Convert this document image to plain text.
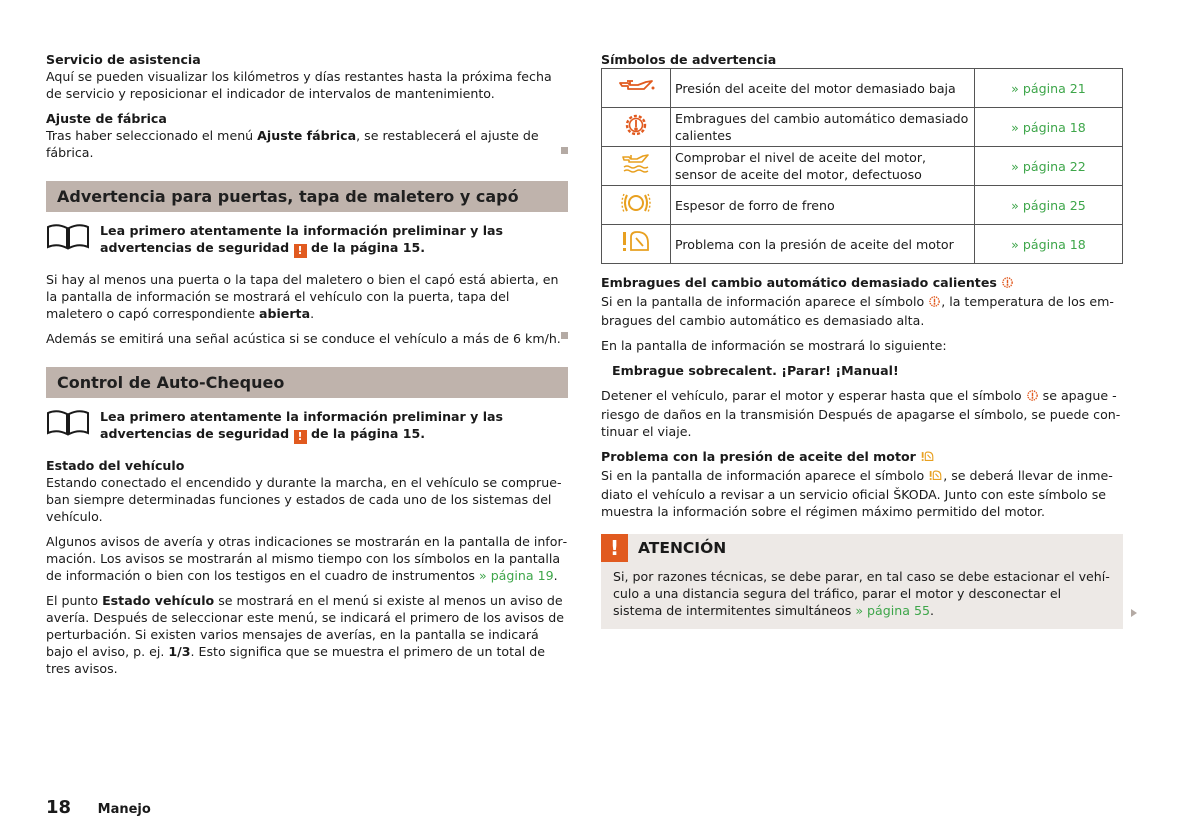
Servicio de asistencia

Aquí se pueden visualizar los kilómetros y días restantes hasta la próxima fecha de servicio y reposicionar el indicador de intervalos de mantenimiento.

Ajuste de fábrica

Tras haber seleccionado el menú Ajuste fábrica, se restablecerá el ajuste de fábrica.

Advertencia para puertas, tapa de maletero y capó
Lea primero atentamente la información preliminar y las advertencias de seguridad ! de la página 15.

Si hay al menos una puerta o la tapa del maletero o bien el capó está abierta, en la pantalla de información se mostrará el vehículo con la puerta, tapa del maletero o capó correspondiente abierta.

Además se emitirá una señal acústica si se conduce el vehículo a más de 6 km/h.

Control de Auto-Chequeo
Lea primero atentamente la información preliminar y las advertencias de seguridad ! de la página 15.

Estado del vehículo

Estando conectado el encendido y durante la marcha, en el vehículo se comprueban siempre determinadas funciones y estados de cada uno de los sistemas del vehículo.

Algunos avisos de avería y otras indicaciones se mostrarán en la pantalla de información. Los avisos se mostrarán al mismo tiempo con los símbolos en la pantalla de información o bien con los testigos en el cuadro de instrumentos » página 19.

El punto Estado vehículo se mostrará en el menú si existe al menos un aviso de avería. Después de seleccionar este menú, se indicará el primero de los avisos de perturbación. Si existen varios mensajes de averías, en la pantalla se indicará bajo el aviso, p. ej. 1/3. Esto significa que se muestra el primero de un total de tres avisos.

Símbolos de advertencia

	Presión del aceite del motor demasiado baja	» página 21
	Embragues del cambio automático demasiado calientes	» página 18
	Comprobar el nivel de aceite del motor, sensor de aceite del motor, defectuoso	» página 22
	Espesor de forro de freno	» página 25
	Problema con la presión de aceite del motor	» página 18

Embragues del cambio automático demasiado calientes

Si en la pantalla de información aparece el símbolo , la temperatura de los embragues del cambio automático es demasiado alta.

En la pantalla de información se mostrará lo siguiente:

Embrague sobrecalent. ¡Parar! ¡Manual!

Detener el vehículo, parar el motor y esperar hasta que el símbolo  se apague - riesgo de daños en la transmisión Después de apagarse el símbolo, se puede continuar el viaje.

Problema con la presión de aceite del motor

Si en la pantalla de información aparece el símbolo , se deberá llevar de inmediato el vehículo a revisar a un servicio oficial ŠKODA. Junto con este símbolo se muestra la información sobre el régimen máximo permitido del motor.

!	ATENCIÓN

Si, por razones técnicas, se debe parar, en tal caso se debe estacionar el vehículo a una distancia segura del tráfico, parar el motor y desconectar el sistema de intermitentes simultáneos » página 55.

18 Manejo
